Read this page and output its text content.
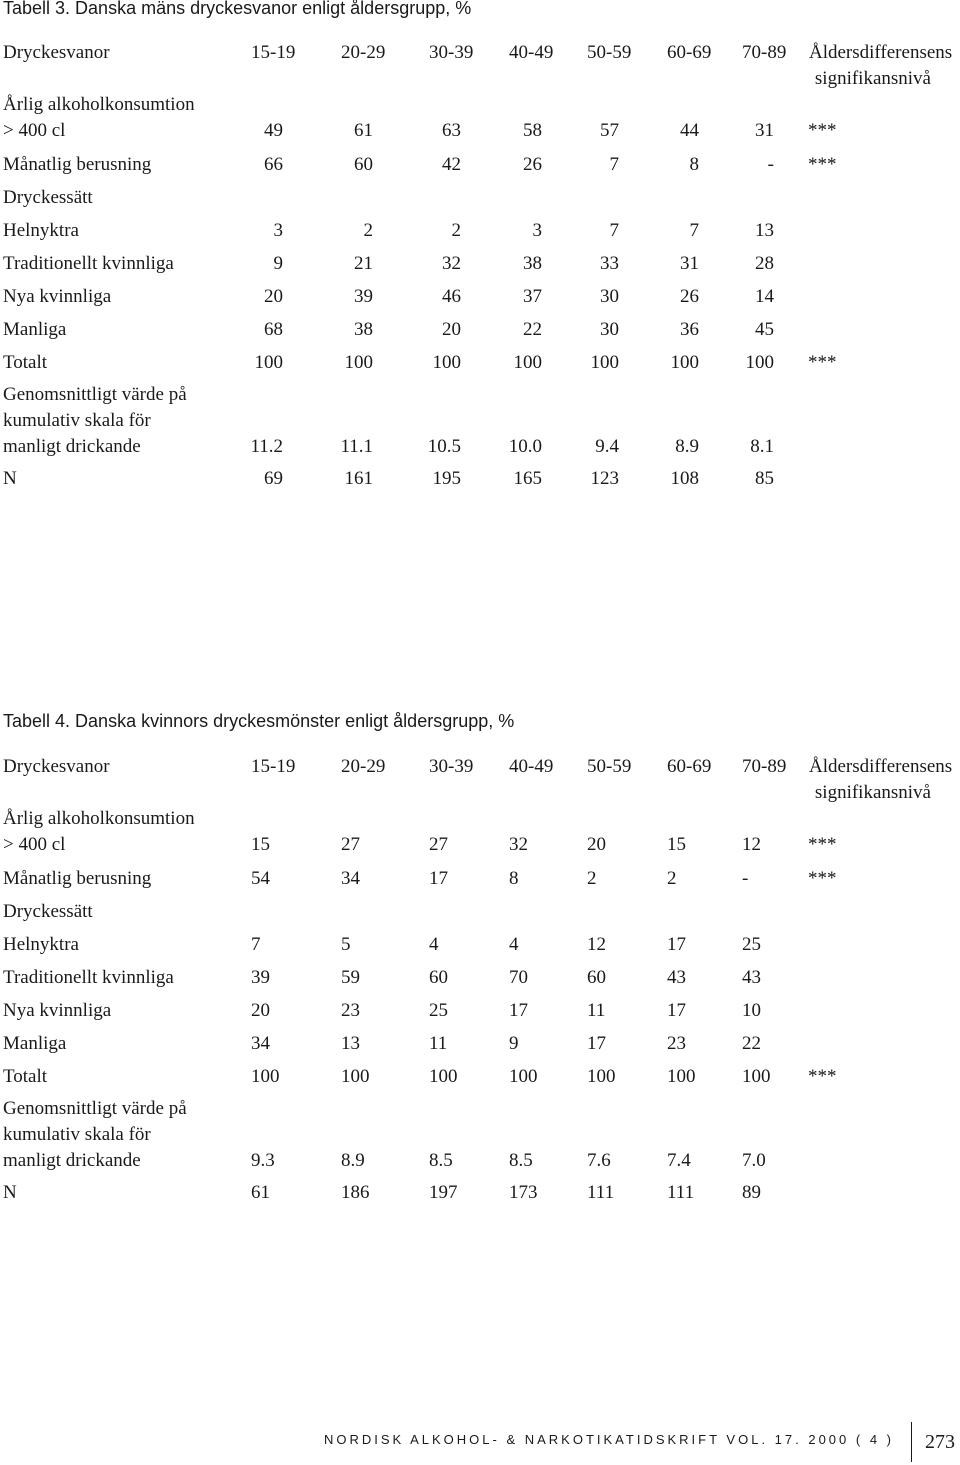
Tabell 3. Danska mäns dryckesvanor enligt åldersgrupp, %
Dryckesvanor	15-19 20-29 30-39 40-49 50-59 60-69 70-89 Åldersdifferensens
signifikansnivå
Årlig alkoholkonsumtion
> 400 cl	49	61	63	58	57	44	31 ***
Månatlig berusning	66	60	42	26	7	8	- ***
Dryckessätt
Helnyktra	3	2	2	3	7	7	13
Traditionellt kvinnliga	9	21	32	38	33	31	28
Nya kvinnliga	20	39	46	37	30	26	14
Manliga	68	38	20	22	30	36	45
Totalt	100	100	100	100	100	100	100 ***
Genomsnittligt värde på
kumulativ skala för
manligt drickande	11.2	11.1	10.5	10.0	9.4	8.9	8.1
N	69	161	195	165	123	108	85
Tabell 4. Danska kvinnors dryckesmönster enligt åldersgrupp, %
Dryckesvanor	15-19 20-29 30-39 40-49 50-59 60-69 70-89 Åldersdifferensens
signifikansnivå
Årlig alkoholkonsumtion
> 400 cl	15	27	27	32	20	15	12 ***
Månatlig berusning	54	34	17	8	2	2	-	***
Dryckessätt
Helnyktra	7	5	4	4	12	17	25
Traditionellt kvinnliga	39	59	60	70	60	43	43
Nya kvinnliga	20	23	25	17	11	17	10
Manliga	34	13	11	9	17	23	22
Totalt	100	100	100	100	100	100 100 ***
Genomsnittligt värde på
kumulativ skala för
manligt drickande	9.3	8.9	8.5	8.5	7.6	7.4	7.0
N	61	186	197	173	111	111	89
NORDISK ALKOHOL- & NARKOTIKATIDSKRIFT VOL. 17. 2000 ( 4 ) 273
